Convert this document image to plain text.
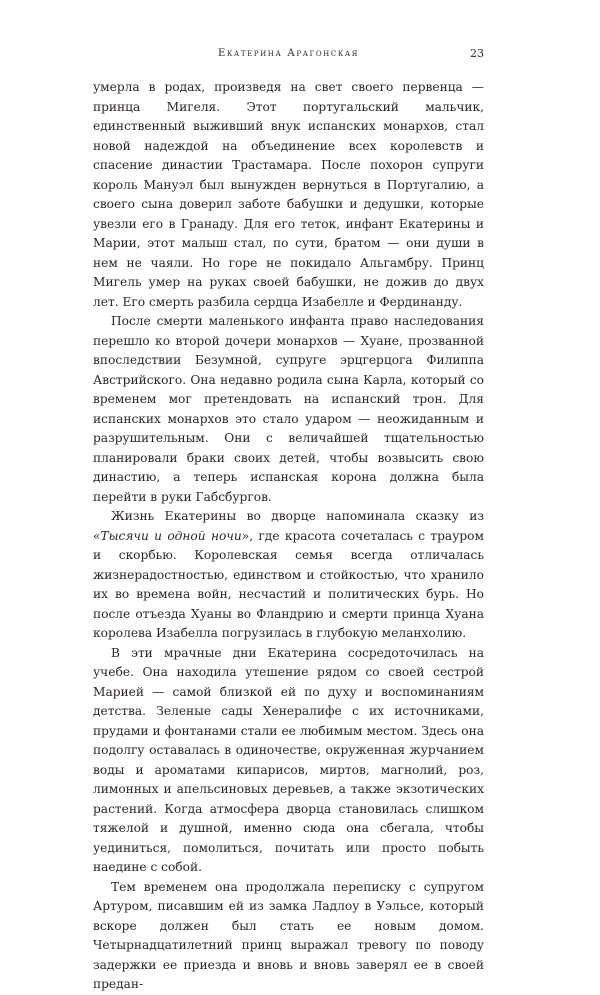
Екатерина Арагонская	23

умерла в родах, произведя на свет своего первенца — принца Мигеля. Этот португальский мальчик, единственный выживший внук испанских монархов, стал новой надеждой на объединение всех королевств и спасение династии Трастамара. После похорон супруги король Мануэл был вынужден вернуться в Португалию, а своего сына доверил заботе бабушки и дедушки, которые увезли его в Гранаду. Для его теток, инфант Екатерины и Марии, этот малыш стал, по сути, братом — они души в нем не чаяли. Но горе не покидало Альгамбру. Принц Мигель умер на руках своей бабушки, не дожив до двух лет. Его смерть разбила сердца Изабелле и Фердинанду.

После смерти маленького инфанта право наследования перешло ко второй дочери монархов — Хуане, прозванной впоследствии Безумной, супруге эрцгерцога Филиппа Австрийского. Она недавно родила сына Карла, который со временем мог претендовать на испанский трон. Для испанских монархов это стало ударом — неожиданным и разрушительным. Они с величайшей тщательностью планировали браки своих детей, чтобы возвысить свою династию, а теперь испанская корона должна была перейти в руки Габсбургов.

Жизнь Екатерины во дворце напоминала сказку из «Тысячи и одной ночи», где красота сочеталась с трауром и скорбью. Королевская семья всегда отличалась жизнерадостностью, единством и стойкостью, что хранило их во времена войн, несчастий и политических бурь. Но после отъезда Хуаны во Фландрию и смерти принца Хуана королева Изабелла погрузилась в глубокую меланхолию.

В эти мрачные дни Екатерина сосредоточилась на учебе. Она находила утешение рядом со своей сестрой Марией — самой близкой ей по духу и воспоминаниям детства. Зеленые сады Хенералифе с их источниками, прудами и фонтанами стали ее любимым местом. Здесь она подолгу оставалась в одиночестве, окруженная журчанием воды и ароматами кипарисов, миртов, магнолий, роз, лимонных и апельсиновых деревьев, а также экзотических растений. Когда атмосфера дворца становилась слишком тяжелой и душной, именно сюда она сбегала, чтобы уединиться, помолиться, почитать или просто побыть наедине с собой.

Тем временем она продолжала переписку с супругом Артуром, писавшим ей из замка Ладлоу в Уэльсе, который вскоре должен был стать ее новым домом. Четырнадцатилетний принц выражал тревогу по поводу задержки ее приезда и вновь и вновь заверял ее в своей предан-
